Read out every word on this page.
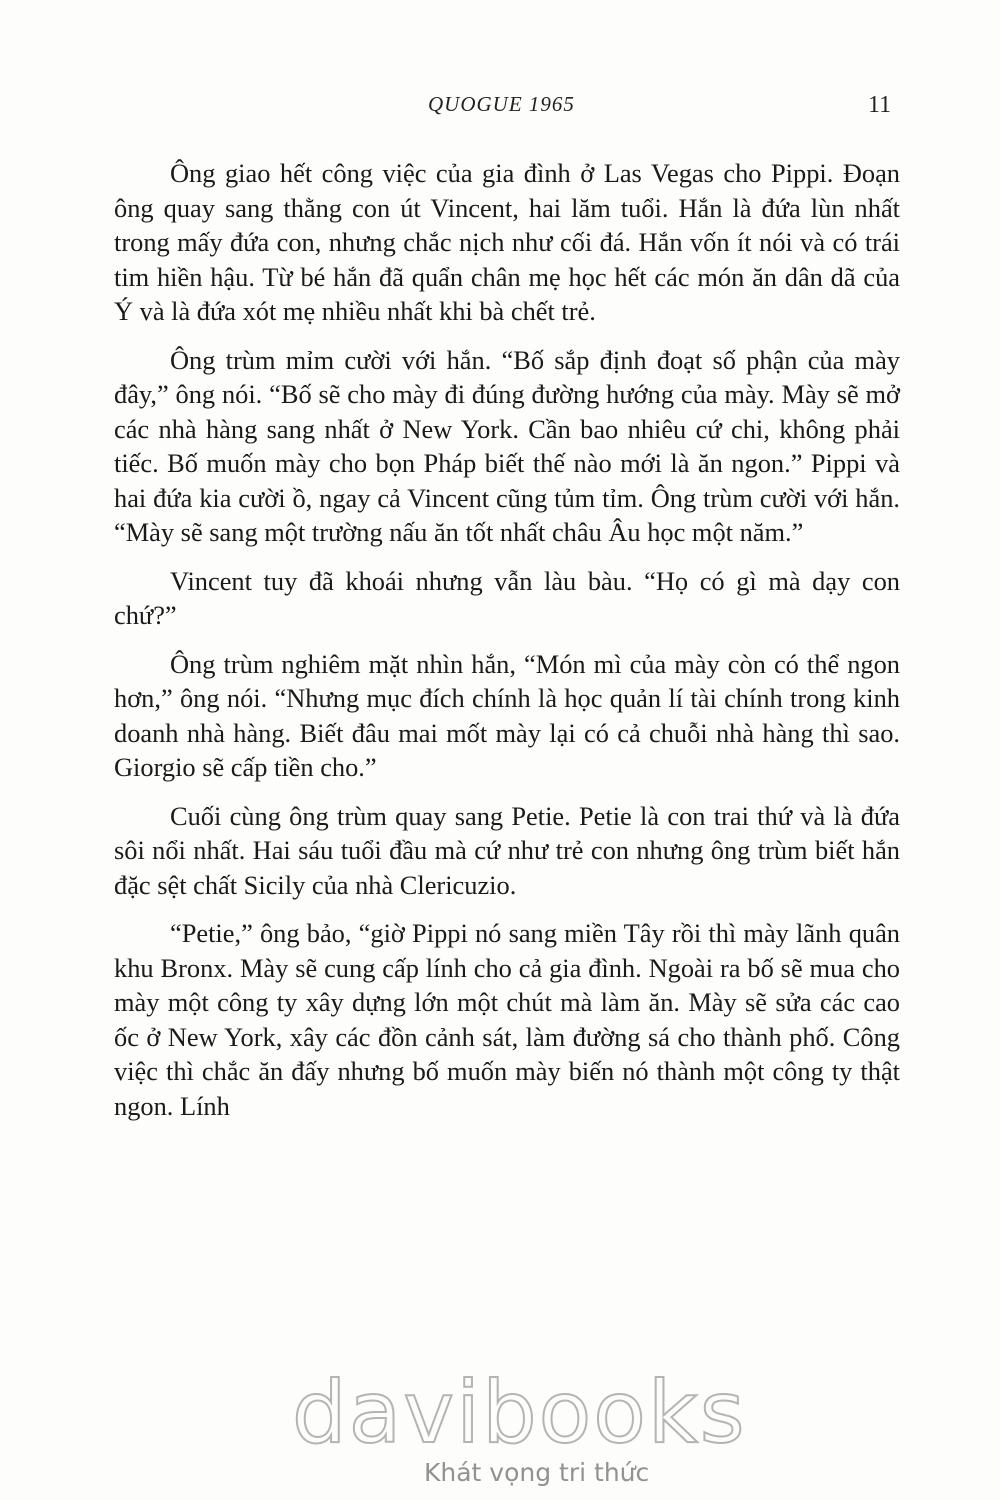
QUOGUE 1965	11

Ông giao hết công việc của gia đình ở Las Vegas cho Pippi. Đoạn ông quay sang thằng con út Vincent, hai lăm tuổi. Hắn là đứa lùn nhất trong mấy đứa con, nhưng chắc nịch như cối đá. Hắn vốn ít nói và có trái tim hiền hậu. Từ bé hắn đã quẩn chân mẹ học hết các món ăn dân dã của Ý và là đứa xót mẹ nhiều nhất khi bà chết trẻ.

Ông trùm mỉm cười với hắn. “Bố sắp định đoạt số phận của mày đây,” ông nói. “Bố sẽ cho mày đi đúng đường hướng của mày. Mày sẽ mở các nhà hàng sang nhất ở New York. Cần bao nhiêu cứ chi, không phải tiếc. Bố muốn mày cho bọn Pháp biết thế nào mới là ăn ngon.” Pippi và hai đứa kia cười ồ, ngay cả Vincent cũng tủm tỉm. Ông trùm cười với hắn. “Mày sẽ sang một trường nấu ăn tốt nhất châu Âu học một năm.”

Vincent tuy đã khoái nhưng vẫn làu bàu. “Họ có gì mà dạy con chứ?”

Ông trùm nghiêm mặt nhìn hắn, “Món mì của mày còn có thể ngon hơn,” ông nói. “Nhưng mục đích chính là học quản lí tài chính trong kinh doanh nhà hàng. Biết đâu mai mốt mày lại có cả chuỗi nhà hàng thì sao. Giorgio sẽ cấp tiền cho.”

Cuối cùng ông trùm quay sang Petie. Petie là con trai thứ và là đứa sôi nổi nhất. Hai sáu tuổi đầu mà cứ như trẻ con nhưng ông trùm biết hắn đặc sệt chất Sicily của nhà Clericuzio.

“Petie,” ông bảo, “giờ Pippi nó sang miền Tây rồi thì mày lãnh quân khu Bronx. Mày sẽ cung cấp lính cho cả gia đình. Ngoài ra bố sẽ mua cho mày một công ty xây dựng lớn một chút mà làm ăn. Mày sẽ sửa các cao ốc ở New York, xây các đồn cảnh sát, làm đường sá cho thành phố. Công việc thì chắc ăn đấy nhưng bố muốn mày biến nó thành một công ty thật ngon. Lính

davibooks
Khát vọng tri thức
